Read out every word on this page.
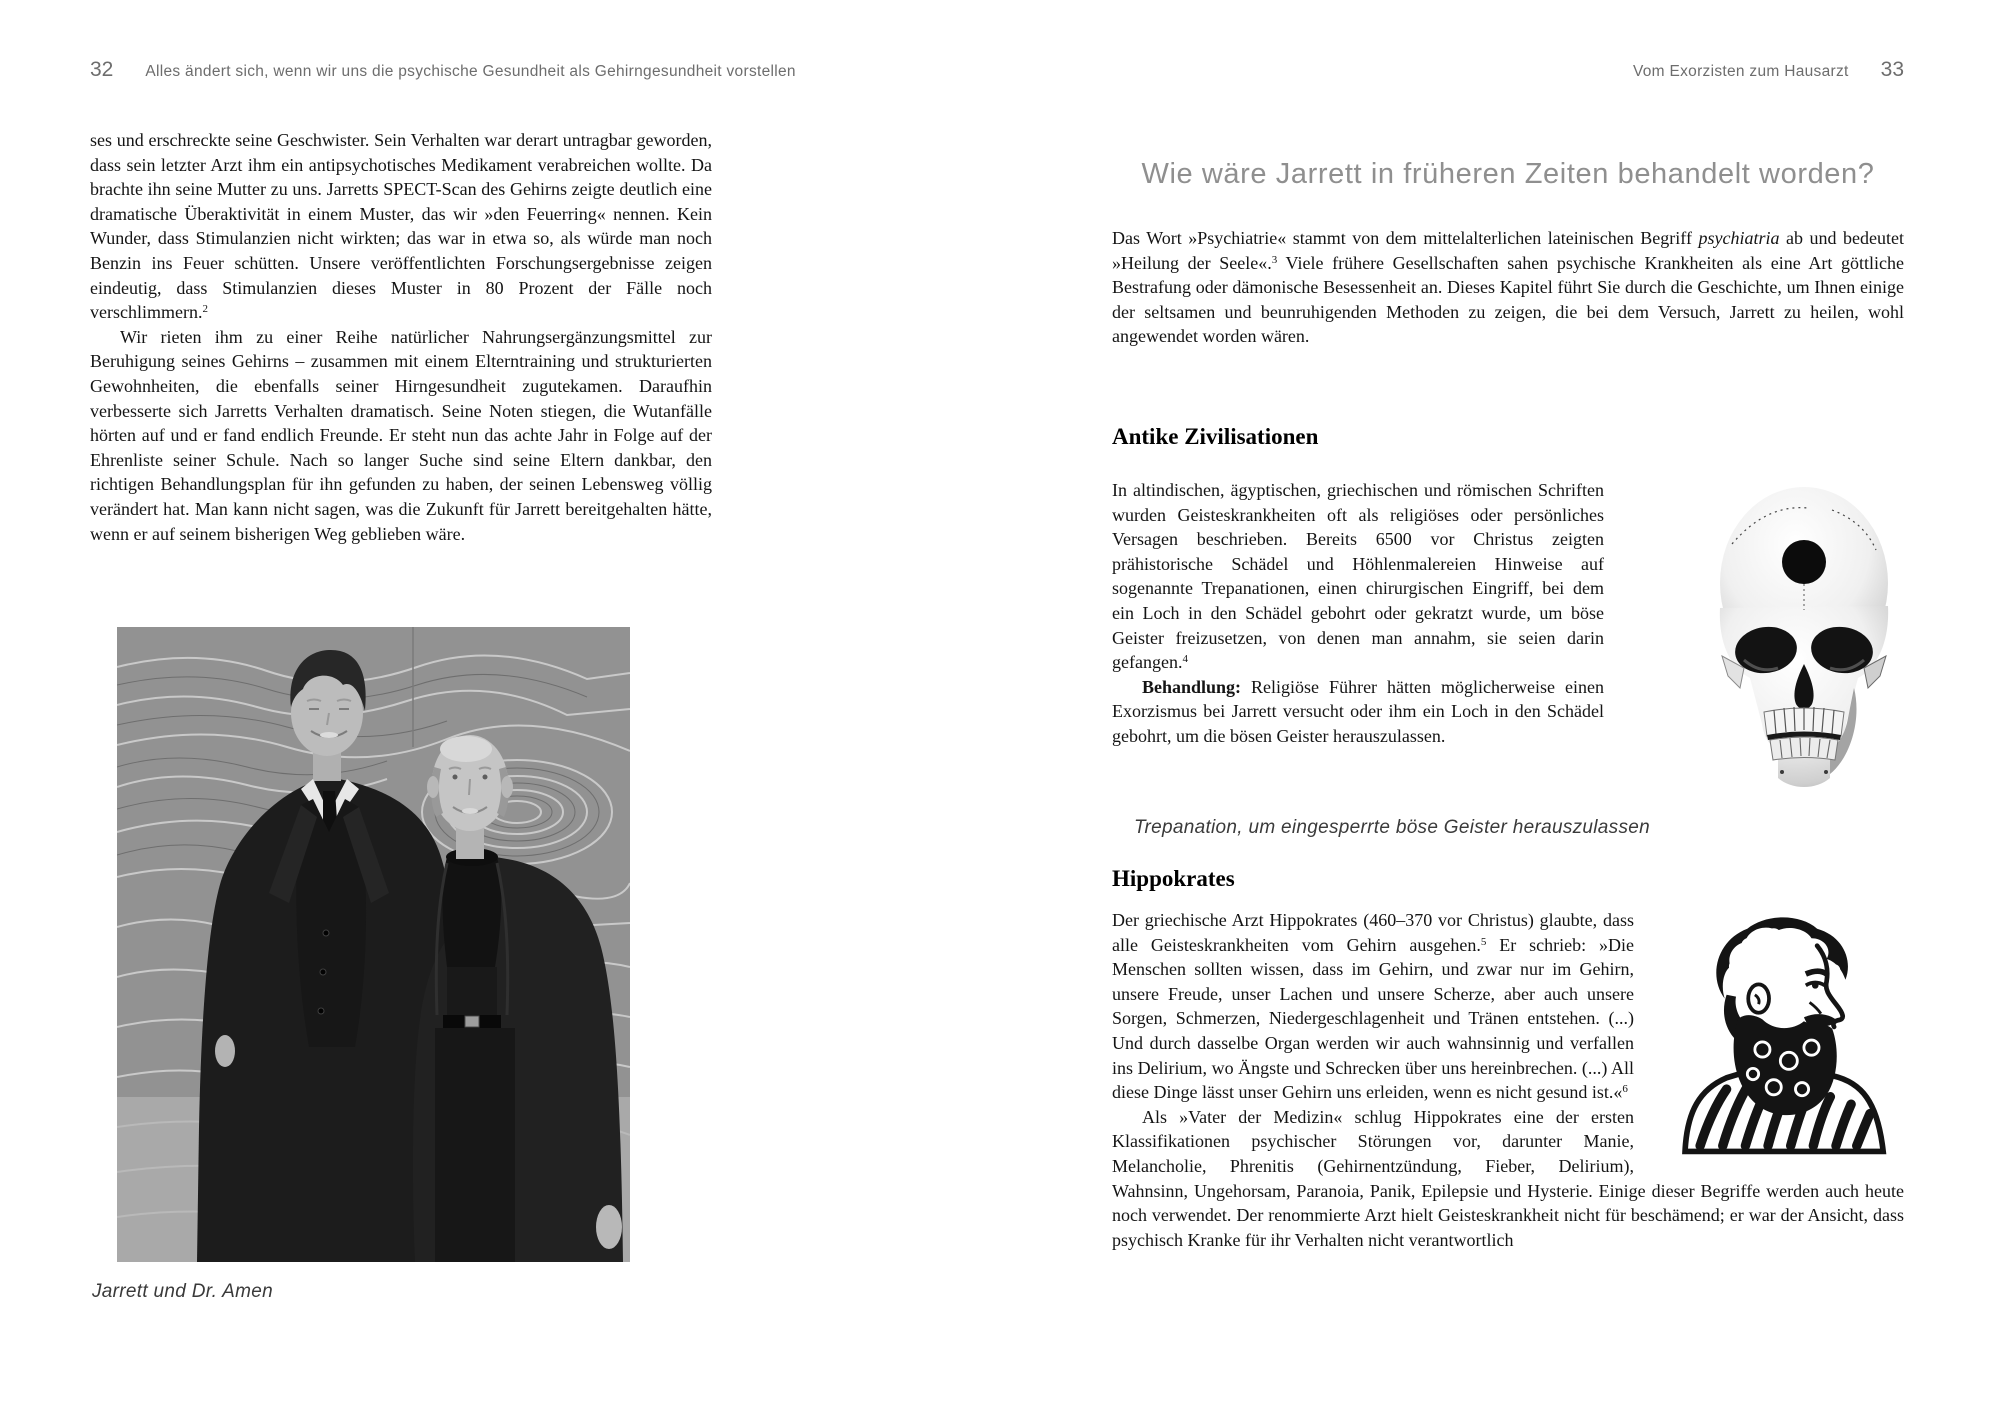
32 Alles ändert sich, wenn wir uns die psychische Gesundheit als Gehirngesundheit vorstellen

ses und erschreckte seine Geschwister. Sein Verhalten war derart untragbar geworden, dass sein letzter Arzt ihm ein antipsychotisches Medikament verabreichen wollte. Da brachte ihn seine Mutter zu uns. Jarretts SPECT-Scan des Gehirns zeigte deutlich eine dramatische Überaktivität in einem Muster, das wir »den Feuerring« nennen. Kein Wunder, dass Stimulanzien nicht wirkten; das war in etwa so, als würde man noch Benzin ins Feuer schütten. Unsere veröffentlichten Forschungsergebnisse zeigen eindeutig, dass Stimulanzien dieses Muster in 80 Prozent der Fälle noch verschlimmern.$^2$

Wir rieten ihm zu einer Reihe natürlicher Nahrungsergänzungsmittel zur Beruhigung seines Gehirns – zusammen mit einem Elterntraining und strukturierten Gewohnheiten, die ebenfalls seiner Hirngesundheit zugutekamen. Daraufhin verbesserte sich Jarretts Verhalten dramatisch. Seine Noten stiegen, die Wutanfälle hörten auf und er fand endlich Freunde. Er steht nun das achte Jahr in Folge auf der Ehrenliste seiner Schule. Nach so langer Suche sind seine Eltern dankbar, den richtigen Behandlungsplan für ihn gefunden zu haben, der seinen Lebensweg völlig verändert hat. Man kann nicht sagen, was die Zukunft für Jarrett bereitgehalten hätte, wenn er auf seinem bisherigen Weg geblieben wäre.

Jarrett und Dr. Amen
Vom Exorzisten zum Hausarzt 33
Wie wäre Jarrett in früheren Zeiten behandelt worden?

Das Wort »Psychiatrie« stammt von dem mittelalterlichen lateinischen Begriff psychiatria ab und bedeutet »Heilung der Seele«.$^3$ Viele frühere Gesellschaften sahen psychische Krankheiten als eine Art göttliche Bestrafung oder dämonische Besessenheit an. Dieses Kapitel führt Sie durch die Geschichte, um Ihnen einige der seltsamen und beunruhigenden Methoden zu zeigen, die bei dem Versuch, Jarrett zu heilen, wohl angewendet worden wären.

Antike Zivilisationen

In altindischen, ägyptischen, griechischen und römischen Schriften wurden Geisteskrankheiten oft als religiöses oder persönliches Versagen beschrieben. Bereits 6500 vor Christus zeigten prähistorische Schädel und Höhlenmalereien Hinweise auf sogenannte Trepanationen, einen chirurgischen Eingriff, bei dem ein Loch in den Schädel gebohrt oder gekratzt wurde, um böse Geister freizusetzen, von denen man annahm, sie seien darin gefangen.$^4$

Behandlung: Religiöse Führer hätten möglicherweise einen Exorzismus bei Jarrett versucht oder ihm ein Loch in den Schädel gebohrt, um die bösen Geister herauszulassen.

Trepanation, um eingesperrte böse Geister herauszulassen
Hippokrates

Der griechische Arzt Hippokrates (460–370 vor Christus) glaubte, dass alle Geisteskrankheiten vom Gehirn ausgehen.$^5$ Er schrieb: »Die Menschen sollten wissen, dass im Gehirn, und zwar nur im Gehirn, unsere Freude, unser Lachen und unsere Scherze, aber auch unsere Sorgen, Schmerzen, Niedergeschlagenheit und Tränen entstehen. (...) Und durch dasselbe Organ werden wir auch wahnsinnig und verfallen ins Delirium, wo Ängste und Schrecken über uns hereinbrechen. (...) All diese Dinge lässt unser Gehirn uns erleiden, wenn es nicht gesund ist.«$^6$

Als »Vater der Medizin« schlug Hippokrates eine der ersten Klassifikationen psychischer Störungen vor, darunter Manie, Melancholie, Phrenitis (Gehirnentzündung, Fieber, Delirium), Wahnsinn, Ungehorsam, Paranoia, Panik, Epilepsie und Hysterie. Einige dieser Begriffe werden auch heute noch verwendet. Der renommierte Arzt hielt Geisteskrankheit nicht für beschämend; er war der Ansicht, dass psychisch Kranke für ihr Verhalten nicht verantwortlich
